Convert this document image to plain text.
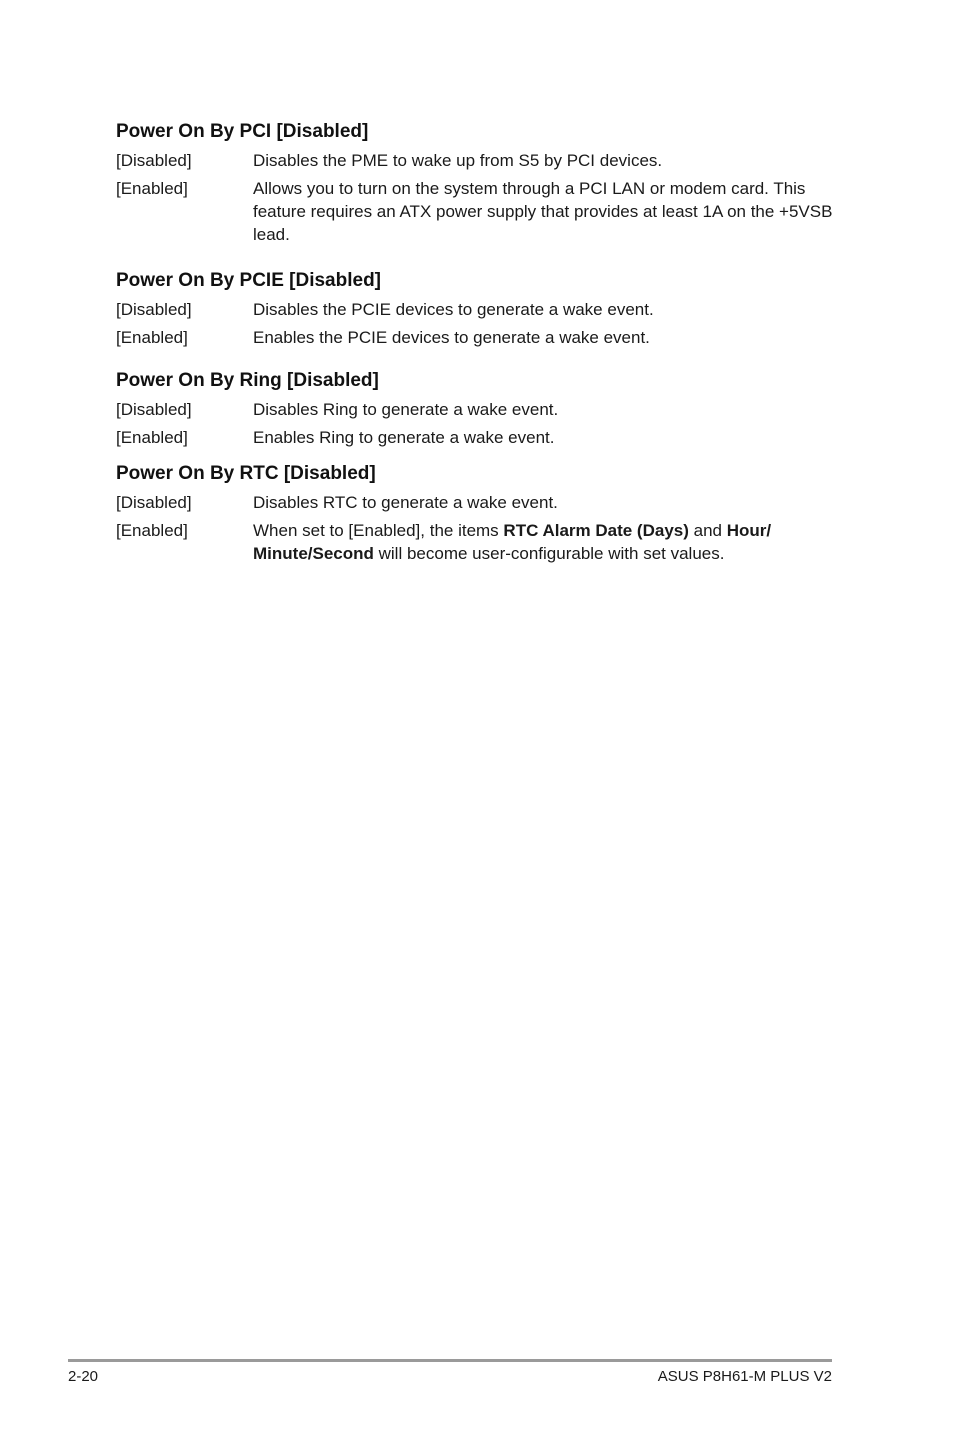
Power On By PCI [Disabled]
[Disabled]	Disables the PME to wake up from S5 by PCI devices.
[Enabled]	Allows you to turn on the system through a PCI LAN or modem card. This feature requires an ATX power supply that provides at least 1A on the +5VSB lead.
Power On By PCIE [Disabled]
[Disabled]	Disables the PCIE devices to generate a wake event.
[Enabled]	Enables the PCIE devices to generate a wake event.
Power On By Ring [Disabled]
[Disabled]	Disables Ring to generate a wake event.
[Enabled]	Enables Ring to generate a wake event.
Power On By RTC [Disabled]
[Disabled]	Disables RTC to generate a wake event.
[Enabled]	When set to [Enabled], the items RTC Alarm Date (Days) and Hour/ Minute/Second will become user-configurable with set values.
2-20	ASUS P8H61-M PLUS V2
